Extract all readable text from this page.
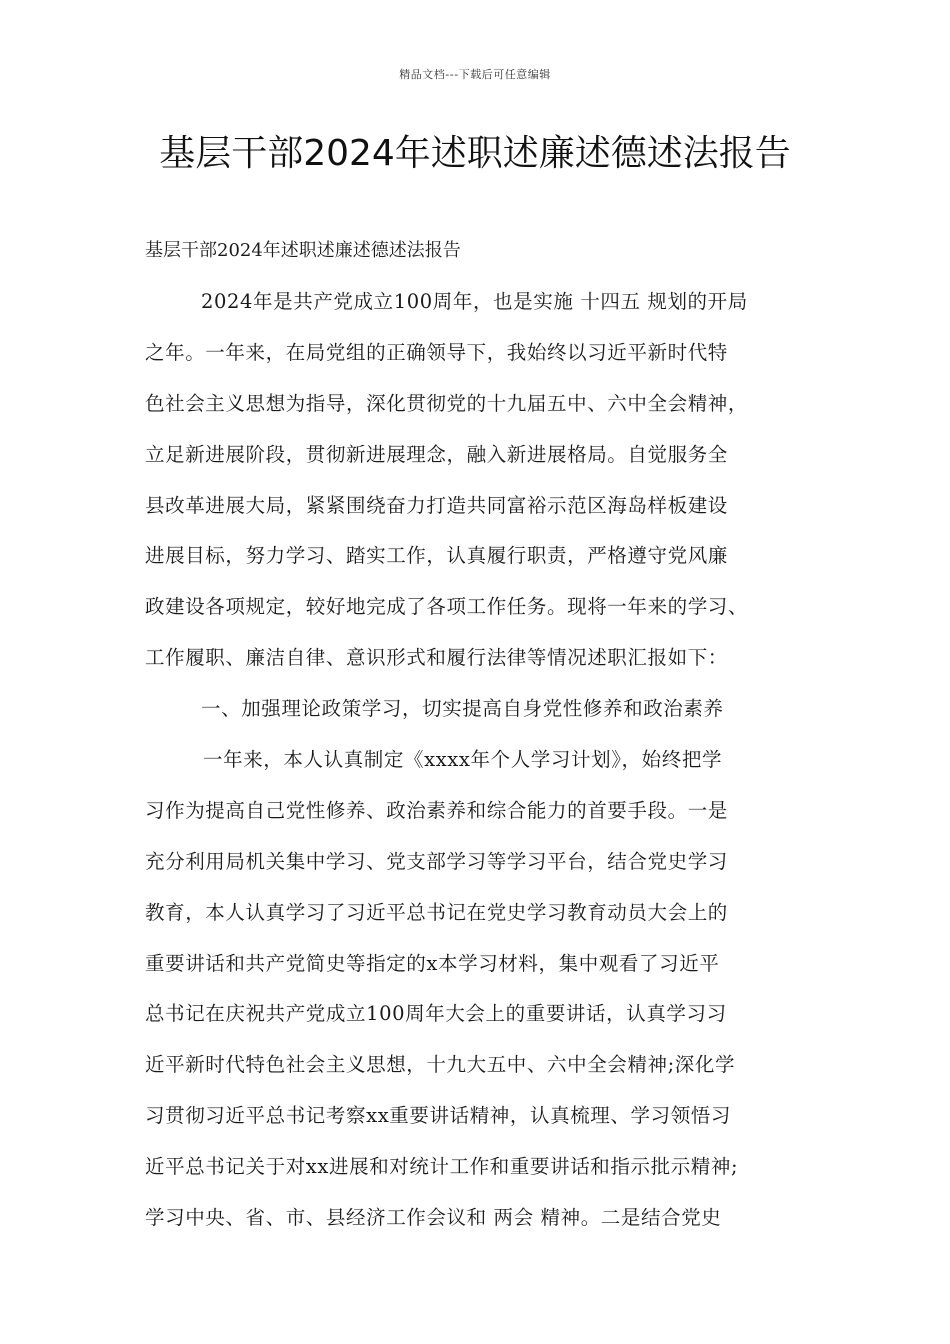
精品文档---下载后可任意编辑
基层干部2024年述职述廉述德述法报告
基层干部2024年述职述廉述德述法报告
2024年是共产党成立100周年，也是实施 十四五 规划的开局
之年。一年来，在局党组的正确领导下，我始终以习近平新时代特
色社会主义思想为指导，深化贯彻党的十九届五中、六中全会精神，
立足新进展阶段，贯彻新进展理念，融入新进展格局。自觉服务全
县改革进展大局，紧紧围绕奋力打造共同富裕示范区海岛样板建设
进展目标，努力学习、踏实工作，认真履行职责，严格遵守党风廉
政建设各项规定，较好地完成了各项工作任务。现将一年来的学习、
工作履职、廉洁自律、意识形式和履行法律等情况述职汇报如下：
一、加强理论政策学习，切实提高自身党性修养和政治素养
一年来，本人认真制定《xxxx年个人学习计划》，始终把学
习作为提高自己党性修养、政治素养和综合能力的首要手段。一是
充分利用局机关集中学习、党支部学习等学习平台，结合党史学习
教育，本人认真学习了习近平总书记在党史学习教育动员大会上的
重要讲话和共产党简史等指定的x本学习材料，集中观看了习近平
总书记在庆祝共产党成立100周年大会上的重要讲话，认真学习习
近平新时代特色社会主义思想，十九大五中、六中全会精神;深化学
习贯彻习近平总书记考察xx重要讲话精神，认真梳理、学习领悟习
近平总书记关于对xx进展和对统计工作和重要讲话和指示批示精神;
学习中央、省、市、县经济工作会议和 两会 精神。二是结合党史
